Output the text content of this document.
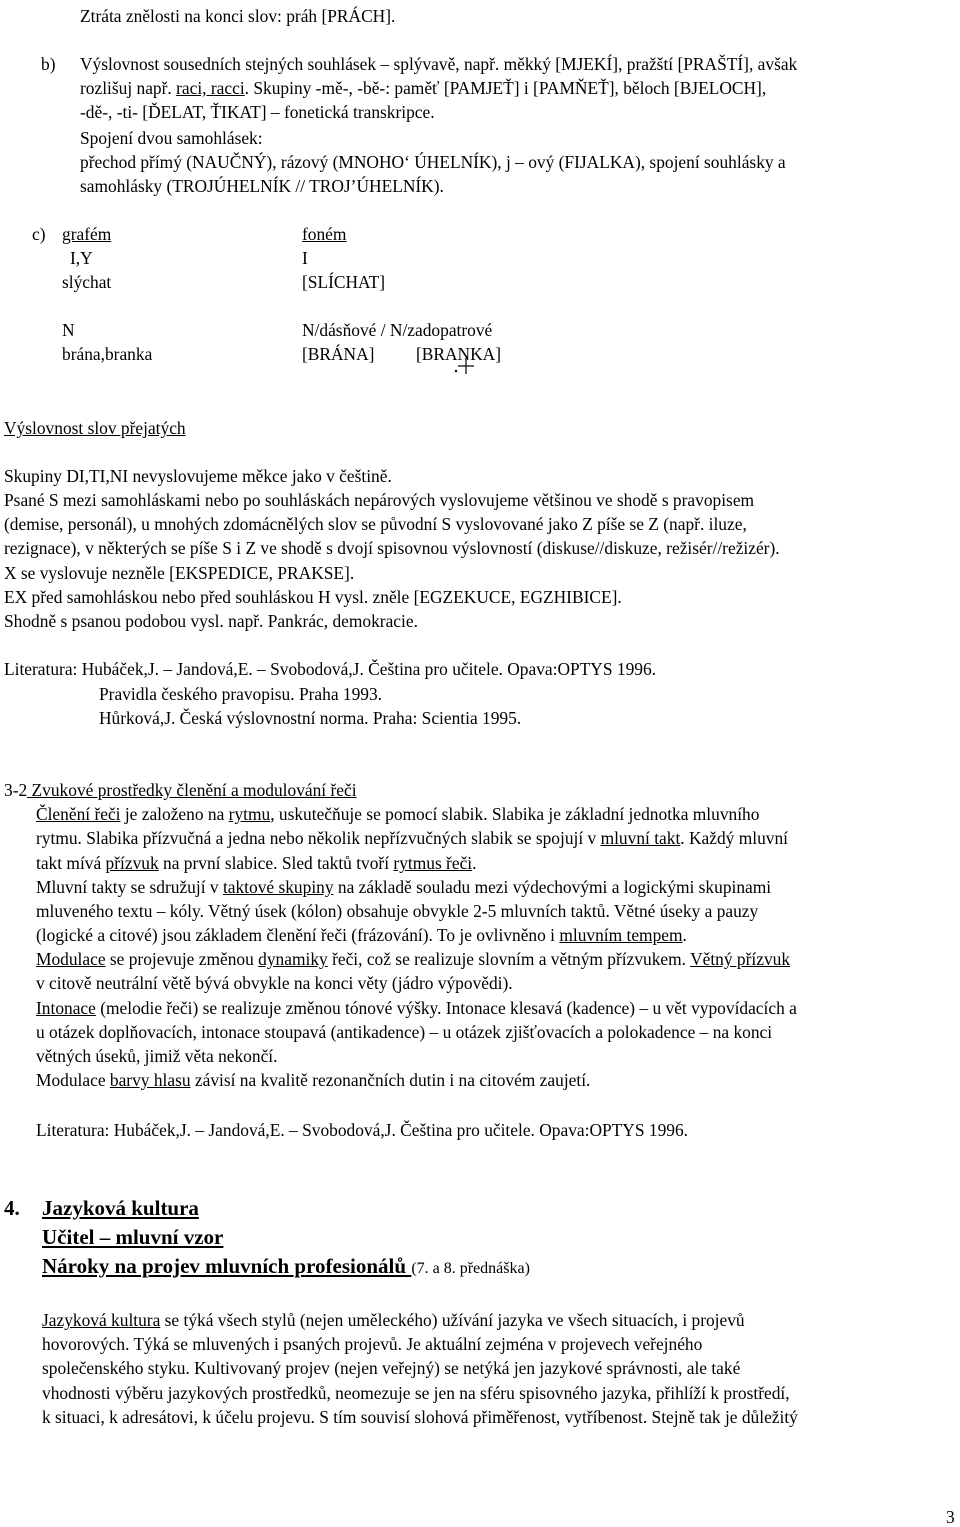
Ztráta znělosti na konci slov: práh [PRÁCH].
b) Výslovnost sousedních stejných souhlásek – splývavě, např. měkký [MJEKÍ], pražští [PRAŠTÍ], avšak
rozlišuj např. raci, racci. Skupiny -mě-, -bě-: paměť [PAMJEŤ] i [PAMŇEŤ], běloch [BJELOCH],
-dě-, -ti- [ĎELAT, ŤIKAT] – fonetická transkripce.
Spojení dvou samohlásek:
přechod přímý (NAUČNÝ), rázový (MNOHO‘ ÚHELNÍK), j – ový (FIJALKA), spojení souhlásky a
samohlásky (TROJÚHELNÍK // TROJ’ÚHELNÍK).
c) grafém	foném
I,Y	I
slýchat	[SLÍCHAT]
N	N/dásňové / N/zadopatrové
brána,branka	[BRÁNA] [BRANKA]
Výslovnost slov přejatých
Skupiny DI,TI,NI nevyslovujeme měkce jako v češtině.
Psané S mezi samohláskami nebo po souhláskách nepárových vyslovujeme většinou ve shodě s pravopisem
(demise, personál), u mnohých zdomácnělých slov se původní S vyslovované jako Z píše se Z (např. iluze,
rezignace), v některých se píše S i Z ve shodě s dvojí spisovnou výslovností (diskuse//diskuze, režisér//režizér).
X se vyslovuje nezněle [EKSPEDICE, PRAKSE].
EX před samohláskou nebo před souhláskou H vysl. zněle [EGZEKUCE, EGZHIBICE].
Shodně s psanou podobou vysl. např. Pankrác, demokracie.
Literatura: Hubáček,J. – Jandová,E. – Svobodová,J. Čeština pro učitele. Opava:OPTYS 1996.
Pravidla českého pravopisu. Praha 1993.
Hůrková,J. Česká výslovnostní norma. Praha: Scientia 1995.
3-2 Zvukové prostředky členění a modulování řeči
Členění řeči je založeno na rytmu, uskutečňuje se pomocí slabik. Slabika je základní jednotka mluvního
rytmu. Slabika přízvučná a jedna nebo několik nepřízvučných slabik se spojují v mluvní takt. Každý mluvní
takt mívá přízvuk na první slabice. Sled taktů tvoří rytmus řeči.
Mluvní takty se sdružují v taktové skupiny na základě souladu mezi výdechovými a logickými skupinami
mluveného textu – kóly. Větný úsek (kólon) obsahuje obvykle 2-5 mluvních taktů. Větné úseky a pauzy
(logické a citové) jsou základem členění řeči (frázování). To je ovlivněno i mluvním tempem.
Modulace se projevuje změnou dynamiky řeči, což se realizuje slovním a větným přízvukem. Větný přízvuk
v citově neutrální větě bývá obvykle na konci věty (jádro výpovědi).
Intonace (melodie řeči) se realizuje změnou tónové výšky. Intonace klesavá (kadence) – u vět vypovídacích a
u otázek doplňovacích, intonace stoupavá (antikadence) – u otázek zjišťovacích a polokadence – na konci
větných úseků, jimiž věta nekončí.
Modulace barvy hlasu závisí na kvalitě rezonančních dutin i na citovém zaujetí.
Literatura: Hubáček,J. – Jandová,E. – Svobodová,J. Čeština pro učitele. Opava:OPTYS 1996.
4. Jazyková kultura
Učitel – mluvní vzor
Nároky na projev mluvních profesionálů (7. a 8. přednáška)
Jazyková kultura se týká všech stylů (nejen uměleckého) užívání jazyka ve všech situacích, i projevů
hovorových. Týká se mluvených i psaných projevů. Je aktuální zejména v projevech veřejného
společenského styku. Kultivovaný projev (nejen veřejný) se netýká jen jazykové správnosti, ale také
vhodnosti výběru jazykových prostředků, neomezuje se jen na sféru spisovného jazyka, přihlíží k prostředí,
k situaci, k adresátovi, k účelu projevu. S tím souvisí slohová přiměřenost, vytříbenost. Stejně tak je důležitý
3
